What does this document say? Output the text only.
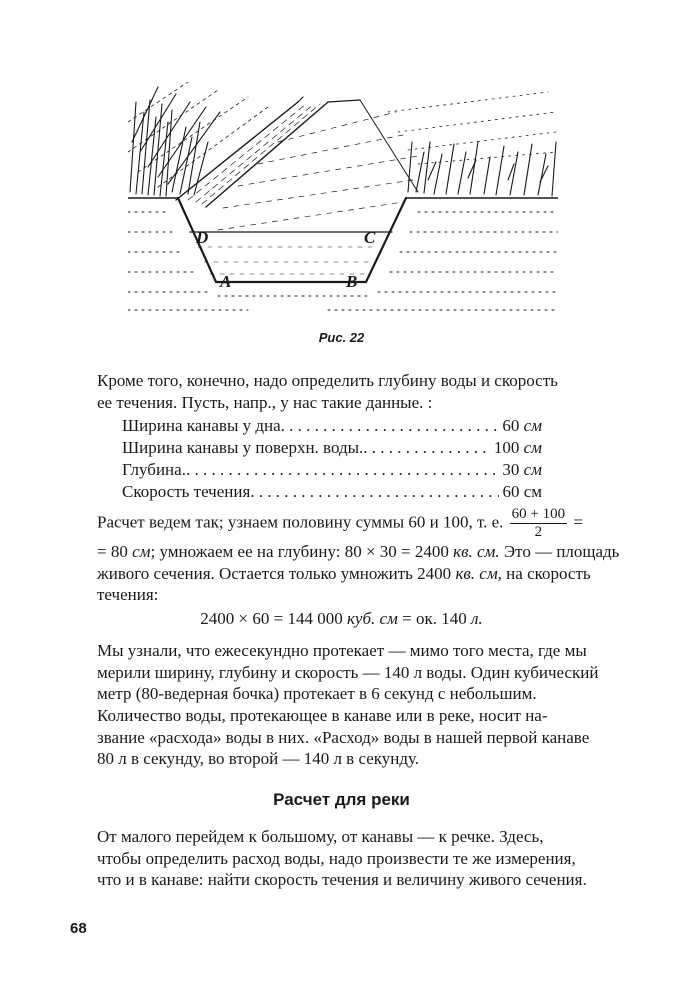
A	B
C
D
Рис. 22
Кроме того, конечно, надо определить глубину воды и скорость
ее течения. Пусть, напр., у нас такие данные. :
Ширина канавы у дна . . .	60 см
Ширина канавы у поверхн. воды. . . .	100 см
Глубина. . . .	30 см
Скорость течения . . .	60 см
Расчет ведем так; узнаем половину суммы 60 и 100, т. е. $\frac{60 + 100}{2}$ =
= 80 см; умножаем ее на глубину: 80 × 30 = 2400 кв. см. Это — площадь
живого сечения. Остается только умножить 2400 кв. см, на скорость
течения:
2400 × 60 = 144 000 куб. см = ок. 140 л.
Мы узнали, что ежесекундно протекает — мимо того места, где мы
мерили ширину, глубину и скорость — 140 л воды. Один кубический
метр (80-ведерная бочка) протекает в 6 секунд с небольшим.
Количество воды, протекающее в канаве или в реке, носит на-
звание «расхода» воды в них. «Расход» воды в нашей первой канаве
80 л в секунду, во второй — 140 л в секунду.
Расчет для реки
От малого перейдем к большому, от канавы — к речке. Здесь,
чтобы определить расход воды, надо произвести те же измерения,
что и в канаве: найти скорость течения и величину живого сечения.
68
